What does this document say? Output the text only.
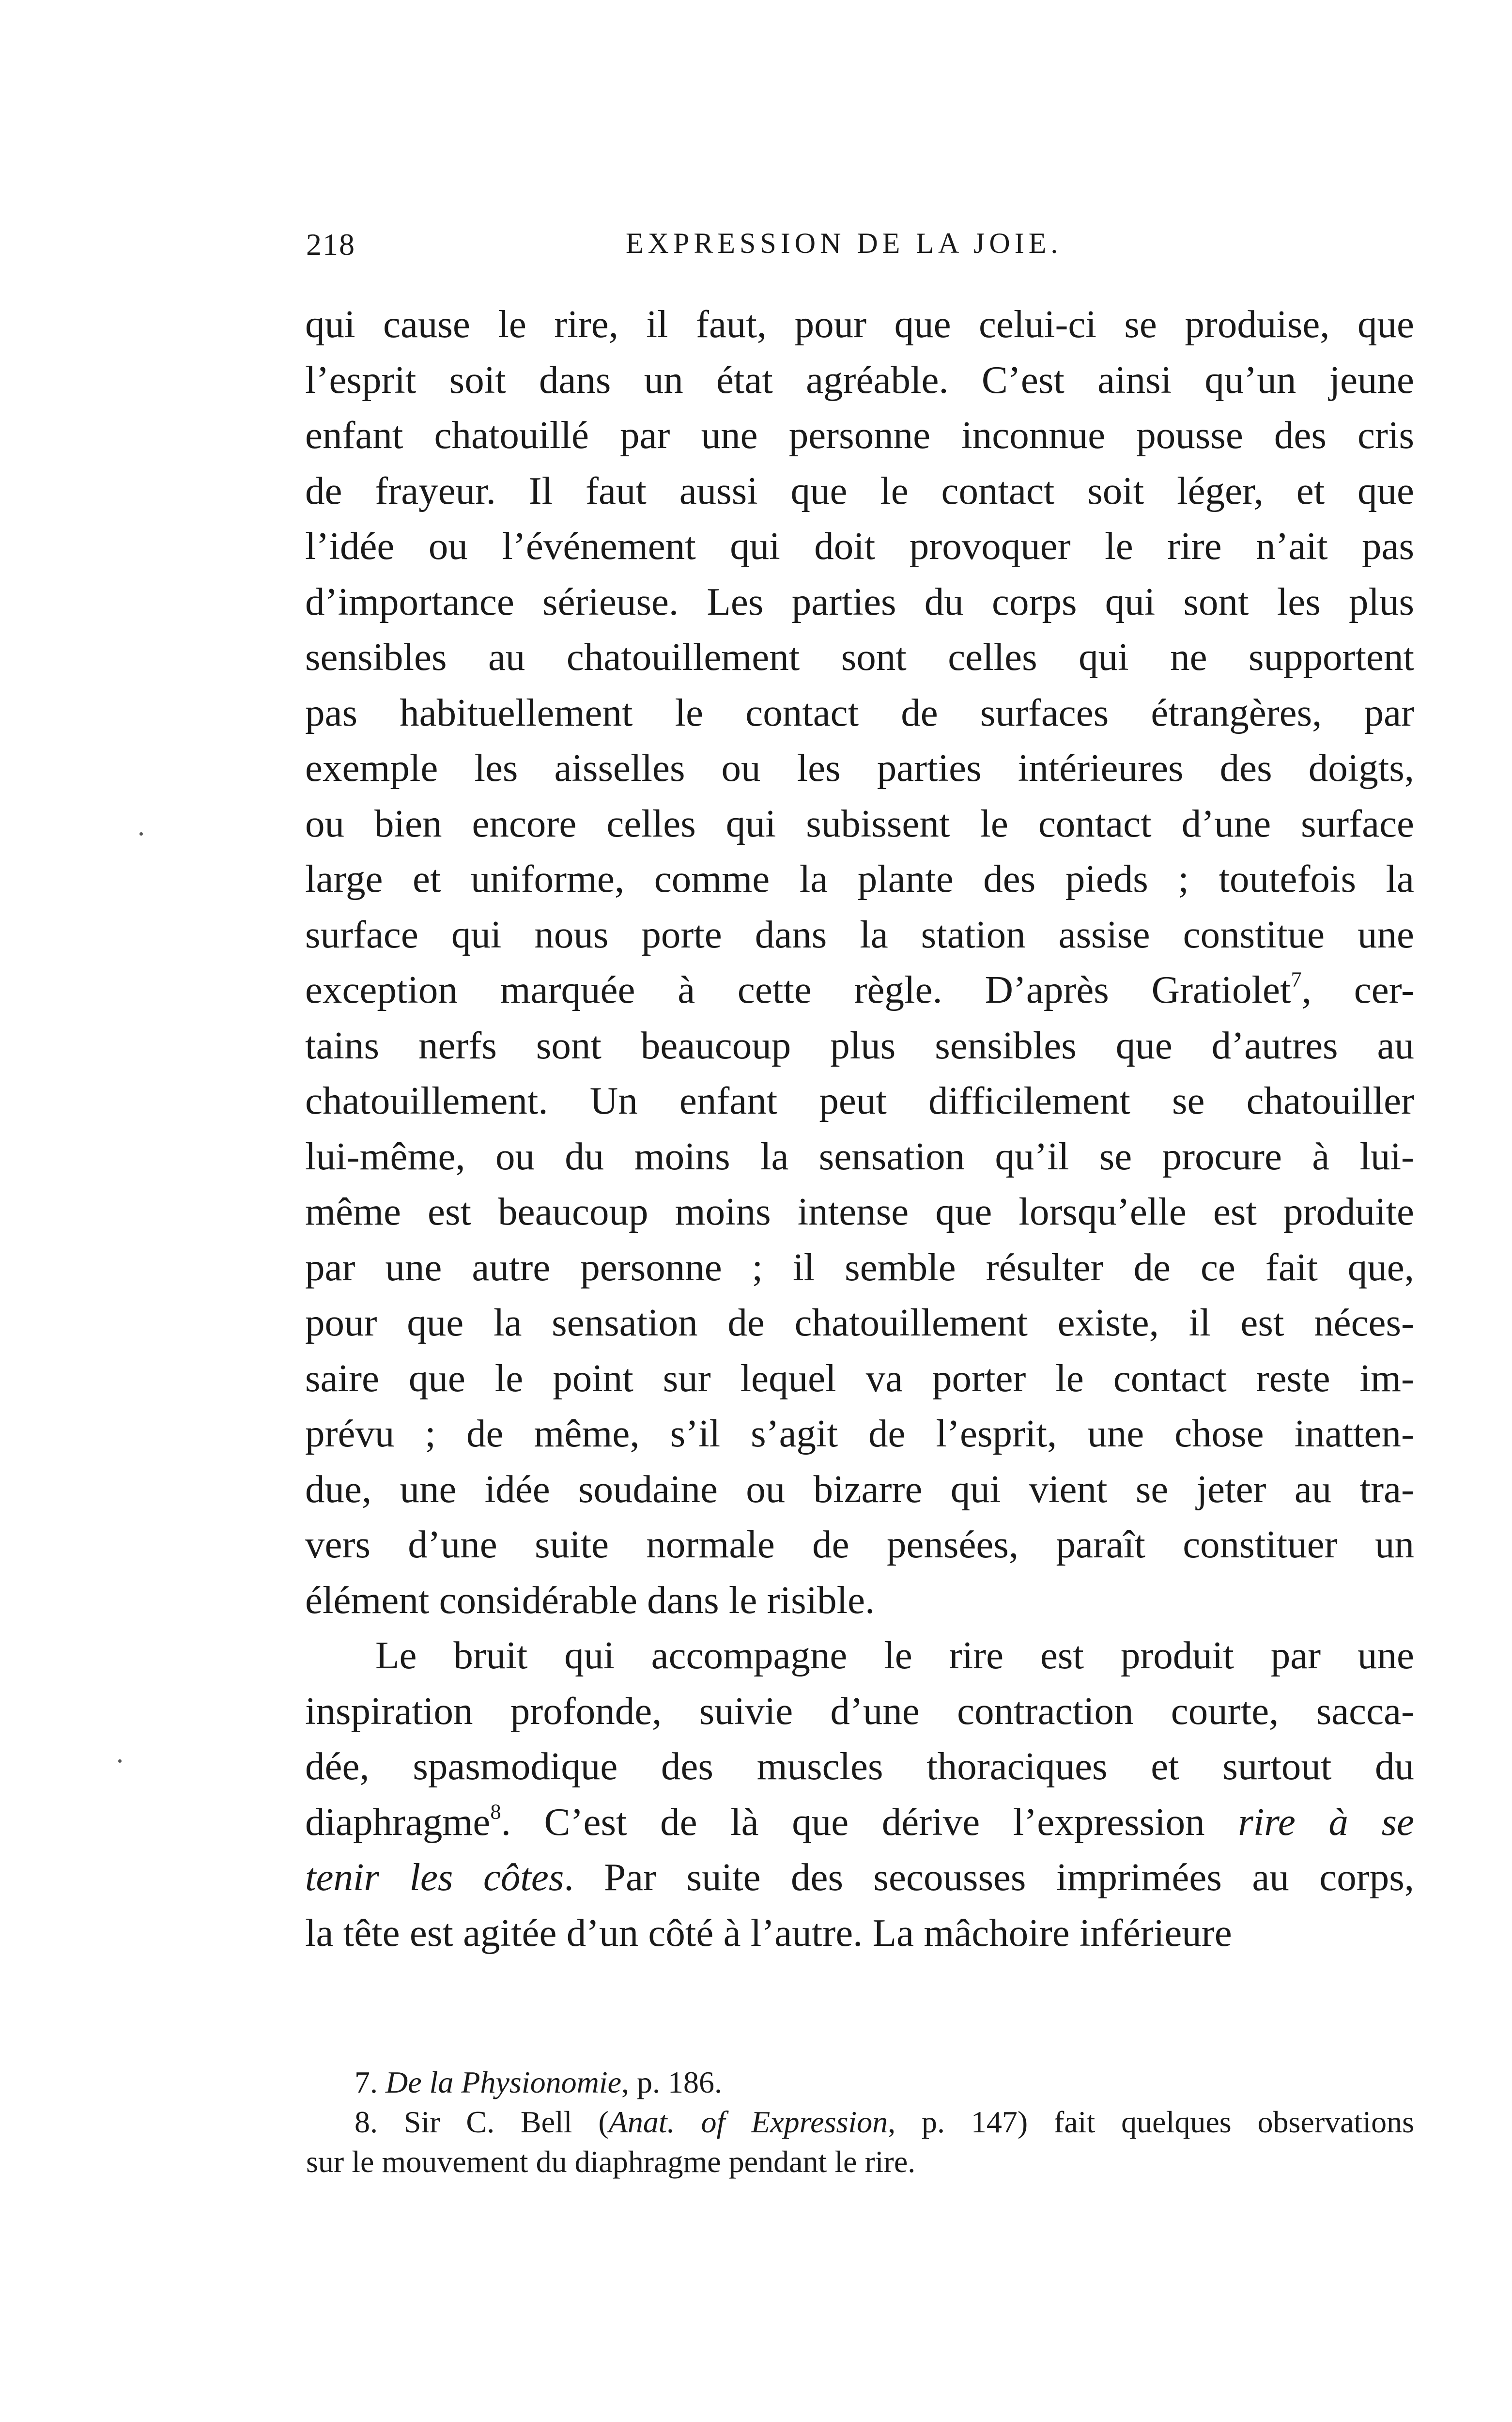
218	EXPRESSION DE LA JOIE.
qui cause le rire, il faut, pour que celui-ci se produise, que
l’esprit soit dans un état agréable. C’est ainsi qu’un jeune
enfant chatouillé par une personne inconnue pousse des cris
de frayeur. Il faut aussi que le contact soit léger, et que
l’idée ou l’événement qui doit provoquer le rire n’ait pas
d’importance sérieuse. Les parties du corps qui sont les plus
sensibles au chatouillement sont celles qui ne supportent
pas habituellement le contact de surfaces étrangères, par
exemple les aisselles ou les parties intérieures des doigts,
ou bien encore celles qui subissent le contact d’une surface
large et uniforme, comme la plante des pieds ; toutefois la
surface qui nous porte dans la station assise constitue une
exception marquée à cette règle. D’après Gratiolet$^7$, cer-
tains nerfs sont beaucoup plus sensibles que d’autres au
chatouillement. Un enfant peut difficilement se chatouiller
lui-même, ou du moins la sensation qu’il se procure à lui-
même est beaucoup moins intense que lorsqu’elle est produite
par une autre personne ; il semble résulter de ce fait que,
pour que la sensation de chatouillement existe, il est néces-
saire que le point sur lequel va porter le contact reste im-
prévu ; de même, s’il s’agit de l’esprit, une chose inatten-
due, une idée soudaine ou bizarre qui vient se jeter au tra-
vers d’une suite normale de pensées, paraît constituer un
élément considérable dans le risible.
Le bruit qui accompagne le rire est produit par une
inspiration profonde, suivie d’une contraction courte, sacca-
dée, spasmodique des muscles thoraciques et surtout du
diaphragme$^8$. C’est de là que dérive l’expression rire à se
tenir les côtes. Par suite des secousses imprimées au corps,
la tête est agitée d’un côté à l’autre. La mâchoire inférieure
7. De la Physionomie, p. 186.
8. Sir C. Bell (Anat. of Expression, p. 147) fait quelques observations
sur le mouvement du diaphragme pendant le rire.
